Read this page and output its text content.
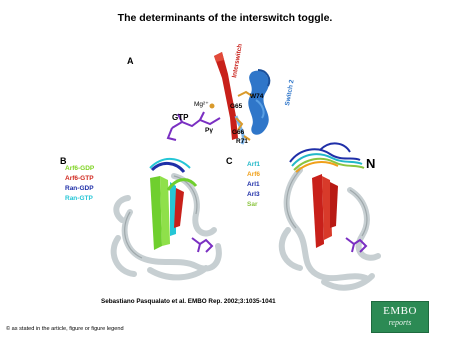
The determinants of the interswitch toggle.
A	Interswitch
Switch 2
W74
G65
Mg²⁺
GTP
Pγ	G66
R71
B
Arf6-GDP
Arf6-GTP
Ran-GDP
Ran-GTP
C Arf1
Arf6
Arl1
Arl3
Sar
N
Sebastiano Pasqualato et al. EMBO Rep. 2002;3:1035-1041
EMBO
reports
© as stated in the article, figure or figure legend
